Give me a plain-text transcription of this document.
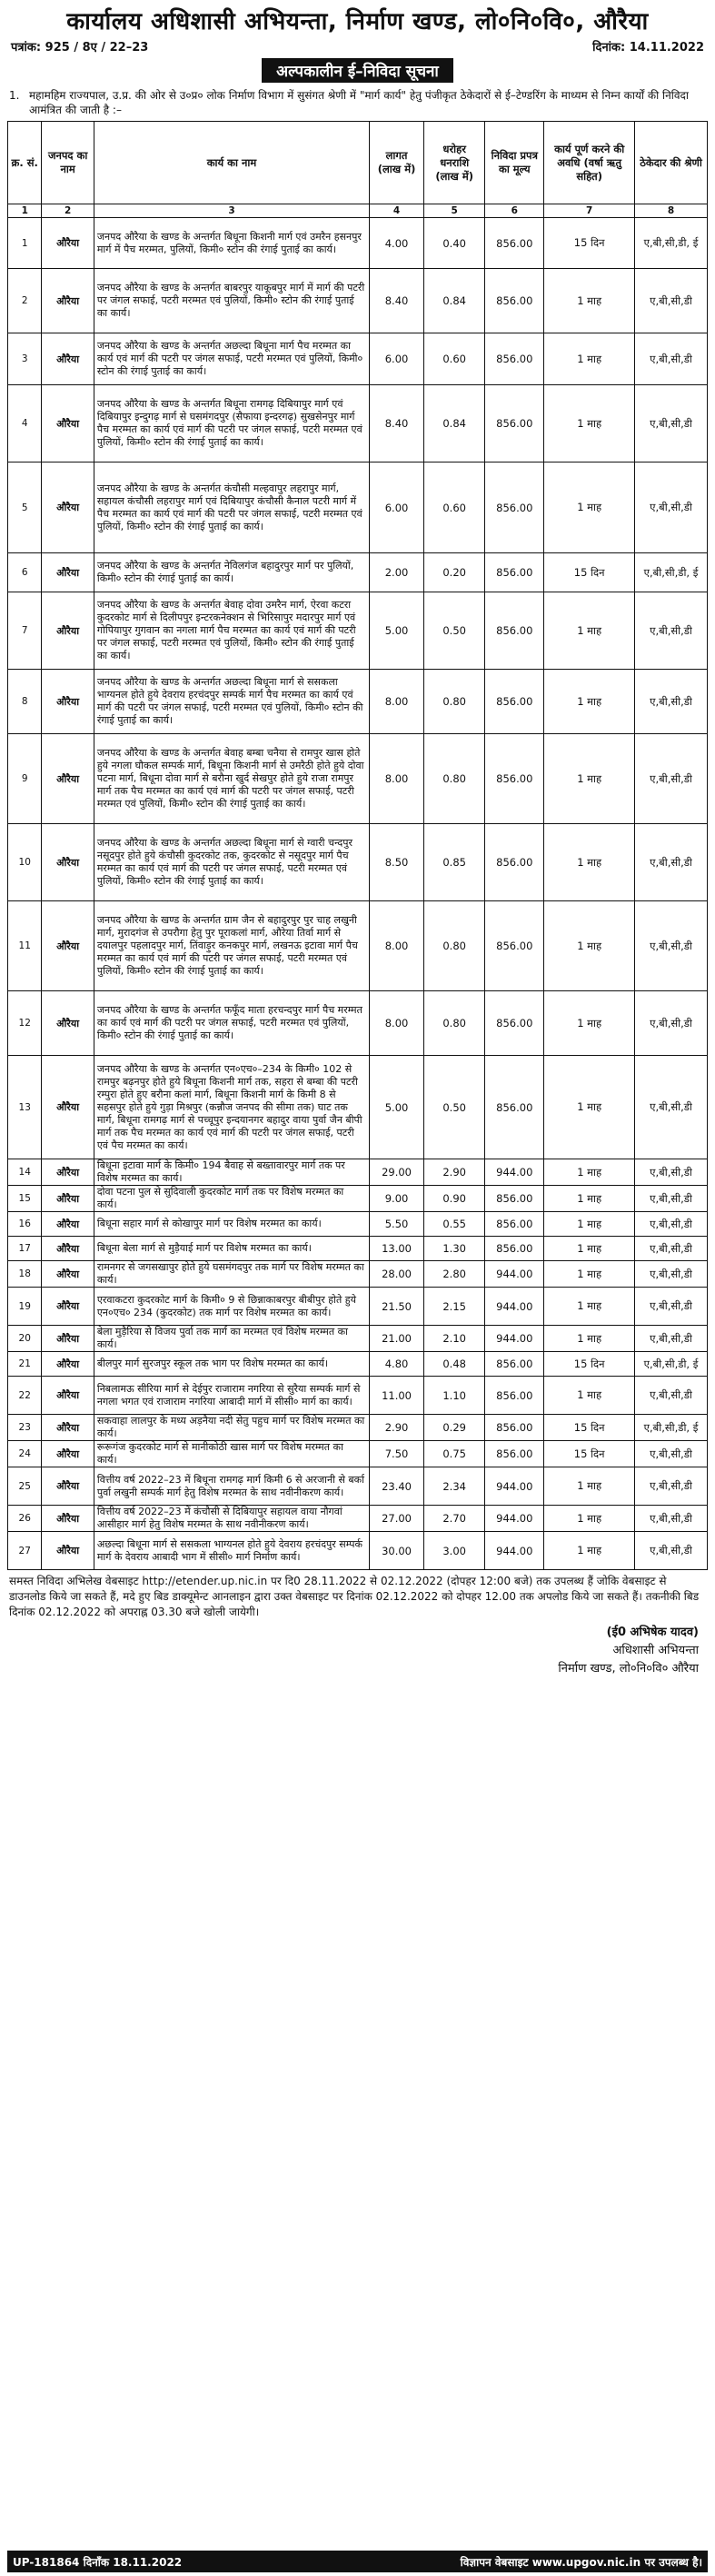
कार्यालय अधिशासी अभियन्ता, निर्माण खण्ड, लो०नि०वि०, औरैया
पत्रांक: 925 / 8ए / 22–23	दिनांक: 14.11.2022
अल्पकालीन ई–निविदा सूचना
1. महामहिम राज्यपाल, उ.प्र. की ओर से उ०प्र० लोक निर्माण विभाग में सुसंगत श्रेणी में "मार्ग कार्य" हेतु पंजीकृत ठेकेदारों से ई–टेण्डरिंग के माध्यम से निम्न कार्यों की निविदा आमंत्रित की जाती है :–
क्र. सं.	जनपद का नाम	कार्य का नाम	लागत (लाख में)	धरोहर धनराशि (लाख में)	निविदा प्रपत्र का मूल्य	कार्य पूर्ण करने की अवधि (वर्षा ऋतु सहित)	ठेकेदार की श्रेणी
1	2	3	4	5	6	7	8
1	औरैया	जनपद औरैया के खण्ड के अन्तर्गत बिधूना किशनी मार्ग एवं उमरैन हसनपुर मार्ग में पैच मरम्मत, पुलियों, किमी० स्टोन की रंगाई पुताई का कार्य।	4.00	0.40	856.00	15 दिन	ए,बी,सी,डी, ई
2	औरैया	जनपद औरैया के खण्ड के अन्तर्गत बाबरपुर याकूबपुर मार्ग में मार्ग की पटरी पर जंगल सफाई, पटरी मरम्मत एवं पुलियों, किमी० स्टोन की रंगाई पुताई का कार्य।	8.40	0.84	856.00	1 माह	ए,बी,सी,डी
3	औरैया	जनपद औरैया के खण्ड के अन्तर्गत अछल्दा बिधूना मार्ग पैच मरम्मत का कार्य एवं मार्ग की पटरी पर जंगल सफाई, पटरी मरम्मत एवं पुलियों, किमी० स्टोन की रंगाई पुताई का कार्य।	6.00	0.60	856.00	1 माह	ए,बी,सी,डी
4	औरैया	जनपद औरैया के खण्ड के अन्तर्गत बिधूना रामगढ़ दिबियापुर मार्ग एवं दिबियापुर इन्दुगढ़ मार्ग से घसमंगदपुर (सैफाया इन्दरगढ़) सुखसेनपुर मार्ग पैच मरम्मत का कार्य एवं मार्ग की पटरी पर जंगल सफाई, पटरी मरम्मत एवं पुलियों, किमी० स्टोन की रंगाई पुताई का कार्य।	8.40	0.84	856.00	1 माह	ए,बी,सी,डी
5	औरैया	जनपद औरैया के खण्ड के अन्तर्गत कंचौसी मल्हवापुर लहरापुर मार्ग, सहायल कंचौसी लहरापुर मार्ग एवं दिबियापुर कंचौसी कैनाल पटरी मार्ग में पैच मरम्मत का कार्य एवं मार्ग की पटरी पर जंगल सफाई, पटरी मरम्मत एवं पुलियों, किमी० स्टोन की रंगाई पुताई का कार्य।	6.00	0.60	856.00	1 माह	ए,बी,सी,डी
6	औरैया	जनपद औरैया के खण्ड के अन्तर्गत नेविलगंज बहादुरपुर मार्ग पर पुलियों, किमी० स्टोन की रंगाई पुताई का कार्य।	2.00	0.20	856.00	15 दिन	ए,बी,सी,डी, ई
7	औरैया	जनपद औरैया के खण्ड के अन्तर्गत बेवाह दोवा उमरैन मार्ग, ऐरवा कटरा कुदरकोट मार्ग से दिलीपपुर इन्टरकनेक्शन से भिरिसापुर मदारपुर मार्ग एवं गोपियापुर गुगवान का नगला मार्ग पैच मरम्मत का कार्य एवं मार्ग की पटरी पर जंगल सफाई, पटरी मरम्मत एवं पुलियों, किमी० स्टोन की रंगाई पुताई का कार्य।	5.00	0.50	856.00	1 माह	ए,बी,सी,डी
8	औरैया	जनपद औरैया के खण्ड के अन्तर्गत अछल्दा बिधूना मार्ग से ससकला भाग्यनल होते हुये देवराय हरचंदपुर सम्पर्क मार्ग पैच मरम्मत का कार्य एवं मार्ग की पटरी पर जंगल सफाई, पटरी मरम्मत एवं पुलियों, किमी० स्टोन की रंगाई पुताई का कार्य।	8.00	0.80	856.00	1 माह	ए,बी,सी,डी
9	औरैया	जनपद औरैया के खण्ड के अन्तर्गत बेवाह बम्बा चनैया से रामपुर खास होते हुये नगला घौकल सम्पर्क मार्ग, बिधूना किशनी मार्ग से उमरैठी होते हुये दोवा पटना मार्ग, बिधूना दोवा मार्ग से बरौना खुर्द सेखपुर होते हुये राजा रामपुर मार्ग तक पैच मरम्मत का कार्य एवं मार्ग की पटरी पर जंगल सफाई, पटरी मरम्मत एवं पुलियों, किमी० स्टोन की रंगाई पुताई का कार्य।	8.00	0.80	856.00	1 माह	ए,बी,सी,डी
10	औरैया	जनपद औरैया के खण्ड के अन्तर्गत अछल्दा बिधूना मार्ग से ग्वारी चन्दपुर नसूदपुर होते हुये कंचौसी कुदरकोट तक, कुदरकोट से नसूदपुर मार्ग पैच मरम्मत का कार्य एवं मार्ग की पटरी पर जंगल सफाई, पटरी मरम्मत एवं पुलियों, किमी० स्टोन की रंगाई पुताई का कार्य।	8.50	0.85	856.00	1 माह	ए,बी,सी,डी
11	औरैया	जनपद औरैया के खण्ड के अन्तर्गत ग्राम जैन से बहादुरपुर पुर चाह लखुनी मार्ग, मुरादगंज से उपरौगा हेतु पुर पूराकलां मार्ग, औरेया तिर्वा मार्ग से दयालपुर पहलादपुर मार्ग, तिंवाड़ुर कनकपुर मार्ग, लखनऊ इटावा मार्ग पैच मरम्मत का कार्य एवं मार्ग की पटरी पर जंगल सफाई, पटरी मरम्मत एवं पुलियों, किमी० स्टोन की रंगाई पुताई का कार्य।	8.00	0.80	856.00	1 माह	ए,बी,सी,डी
12	औरैया	जनपद औरैया के खण्ड के अन्तर्गत फफूँद माता हरचन्दपुर मार्ग पैच मरम्मत का कार्य एवं मार्ग की पटरी पर जंगल सफाई, पटरी मरम्मत एवं पुलियों, किमी० स्टोन की रंगाई पुताई का कार्य।	8.00	0.80	856.00	1 माह	ए,बी,सी,डी
13	औरैया	जनपद औरैया के खण्ड के अन्तर्गत एन०एच०–234 के किमी० 102 से रामपुर बढ़नपुर होते हुये बिधूना किशनी मार्ग तक, सहरा से बम्बा की पटरी रम्पुरा होते हुए बरौना कलां मार्ग, बिधूना किशनी मार्ग के किमी 8 से सहसपुर होते हुये गुड़ा मिश्रपुर (कन्नौज जनपद की सीमा तक) घाट तक मार्ग, बिधूना रामगढ़ मार्ग से पच्चूपुर इन्दयानगर बहादुर वाया पुर्वा जैन बीपी मार्ग तक पैच मरम्मत का कार्य एवं मार्ग की पटरी पर जंगल सफाई, पटरी एवं पैच मरम्मत का कार्य।	5.00	0.50	856.00	1 माह	ए,बी,सी,डी
14	औरैया	बिधूना इटावा मार्ग के किमी० 194 बैवाह से बख्तावारपुर मार्ग तक पर विशेष मरम्मत का कार्य।	29.00	2.90	944.00	1 माह	ए,बी,सी,डी
15	औरैया	दोवा पटना पुल से सुदिवाली कुदरकोट मार्ग तक पर विशेष मरम्मत का कार्य।	9.00	0.90	856.00	1 माह	ए,बी,सी,डी
16	औरैया	बिधूना सहार मार्ग से कोखापुर मार्ग पर विशेष मरम्मत का कार्य।	5.50	0.55	856.00	1 माह	ए,बी,सी,डी
17	औरैया	बिधूना बेला मार्ग से मुड़ैयाई मार्ग पर विशेष मरम्मत का कार्य।	13.00	1.30	856.00	1 माह	ए,बी,सी,डी
18	औरैया	रामनगर से जगसखापुर होते हुये घसमंगदपुर तक मार्ग पर विशेष मरम्मत का कार्य।	28.00	2.80	944.00	1 माह	ए,बी,सी,डी
19	औरैया	एरवाकटरा कुदरकोट मार्ग के किमी० 9 से छिन्नाकाबरपुर बीबीपुर होते हुये एन०एच० 234 (कुदरकोट) तक मार्ग पर विशेष मरम्मत का कार्य।	21.50	2.15	944.00	1 माह	ए,बी,सी,डी
20	औरैया	बेला मुड़ैरिया से विजय पुर्वा तक मार्ग का मरम्मत एवं विशेष मरम्मत का कार्य।	21.00	2.10	944.00	1 माह	ए,बी,सी,डी
21	औरैया	बीलपुर मार्ग सुरजपुर स्कूल तक भाग पर विशेष मरम्मत का कार्य।	4.80	0.48	856.00	15 दिन	ए,बी,सी,डी, ई
22	औरैया	निबलामऊ सीरिया मार्ग से देईपुर राजाराम नगरिया से सुरैया सम्पर्क मार्ग से नगला भगत एवं राजाराम नगरिया आबादी मार्ग में सीसी० मार्ग का कार्य।	11.00	1.10	856.00	1 माह	ए,बी,सी,डी
23	औरैया	सकवाहा लालपुर के मध्य अड़नैया नदी सेतु पहुच मार्ग पर विशेष मरम्मत का कार्य।	2.90	0.29	856.00	15 दिन	ए,बी,सी,डी, ई
24	औरैया	रूरूगंज कुदरकोट मार्ग से मानीकोठी खास मार्ग पर विशेष मरम्मत का कार्य।	7.50	0.75	856.00	15 दिन	ए,बी,सी,डी
25	औरैया	वित्तीय वर्ष 2022–23 में बिधूना रामगढ़ मार्ग किमी 6 से अरजानी से बर्का पुर्वा लखुनी सम्पर्क मार्ग हेतु विशेष मरम्मत के साथ नवीनीकरण कार्य।	23.40	2.34	944.00	1 माह	ए,बी,सी,डी
26	औरैया	वित्तीय वर्ष 2022–23 में कंचौसी से दिबियापुर सहायल वाया नौगवां आसीहार मार्ग हेतु विशेष मरम्मत के साथ नवीनीकरण कार्य।	27.00	2.70	944.00	1 माह	ए,बी,सी,डी
27	औरैया	अछल्दा बिधूना मार्ग से ससकला भाग्यनल होते हुये देवराय हरचंदपुर सम्पर्क मार्ग के देवराय आबादी भाग में सीसी० मार्ग निर्माण कार्य।	30.00	3.00	944.00	1 माह	ए,बी,सी,डी
समस्त निविदा अभिलेख वेबसाइट http://etender.up.nic.in पर दि0 28.11.2022 से 02.12.2022 (दोपहर 12:00 बजे) तक उपलब्ध हैं जोकि वेबसाइट से डाउनलोड किये जा सकते हैं, मदे हुए बिड डाक्यूमेन्ट आनलाइन द्वारा उक्त वेबसाइट पर दिनांक 02.12.2022 को दोपहर 12.00 तक अपलोड किये जा सकते हैं। तकनीकी बिड दिनांक 02.12.2022 को अपराह्न 03.30 बजे खोली जायेगी।
(ई0 अभिषेक यादव)
अधिशासी अभियन्ता
निर्माण खण्ड, लो०नि०वि० औरैया
UP-181864 दिनाँक 18.11.2022	विज्ञापन वेबसाइट www.upgov.nic.in पर उपलब्ध है।
